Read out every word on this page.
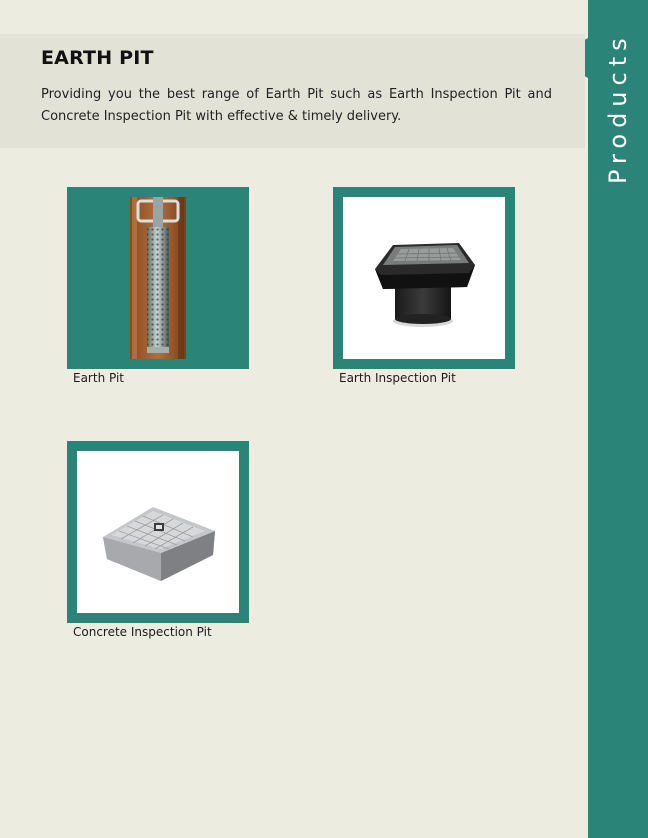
Products
EARTH PIT

Providing you the best range of Earth Pit such as Earth Inspection Pit and Concrete Inspection Pit with effective & timely delivery.

Earth Pit	Earth Inspection Pit
Concrete Inspection Pit
